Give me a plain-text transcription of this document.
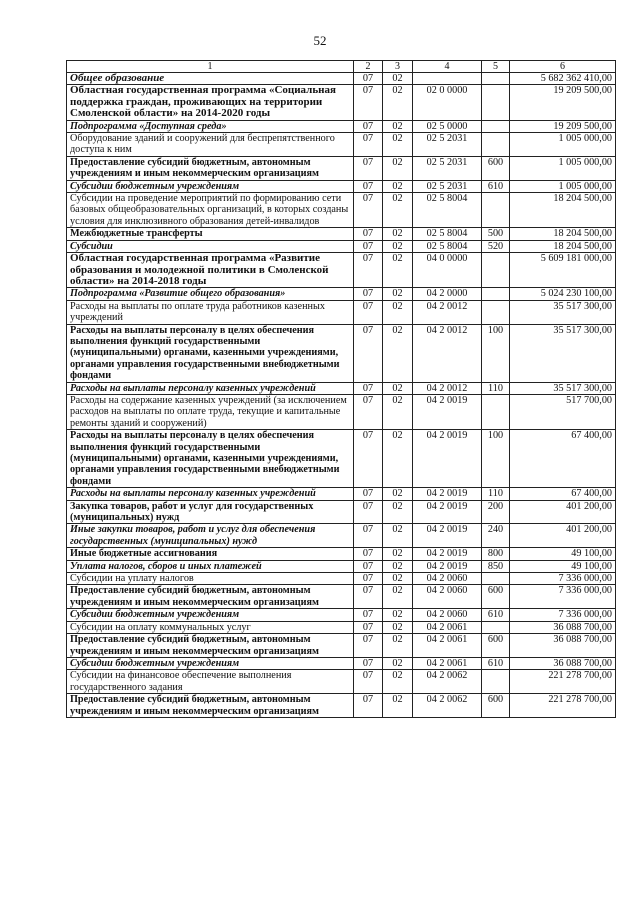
52
1	2	3	4	5	6
Общее образование	07	02			5 682 362 410,00
Областная государственная программа «Социальная поддержка граждан, проживающих на территории Смоленской области» на 2014-2020 годы	07	02	02 0 0000		19 209 500,00
Подпрограмма «Доступная среда»	07	02	02 5 0000		19 209 500,00
Оборудование зданий и сооружений для беспрепятственного доступа к ним	07	02	02 5 2031		1 005 000,00
Предоставление субсидий бюджетным, автономным учреждениям и иным некоммерческим организациям	07	02	02 5 2031	600	1 005 000,00
Субсидии бюджетным учреждениям	07	02	02 5 2031	610	1 005 000,00
Субсидии на проведение мероприятий по формированию сети базовых общеобразовательных организаций, в которых созданы условия для инклюзивного образования детей-инвалидов	07	02	02 5 8004		18 204 500,00
Межбюджетные трансферты	07	02	02 5 8004	500	18 204 500,00
Субсидии	07	02	02 5 8004	520	18 204 500,00
Областная государственная программа «Развитие образования и молодежной политики в Смоленской области» на 2014-2018 годы	07	02	04 0 0000		5 609 181 000,00
Подпрограмма «Развитие общего образования»	07	02	04 2 0000		5 024 230 100,00
Расходы на выплаты по оплате труда работников казенных учреждений	07	02	04 2 0012		35 517 300,00
Расходы на выплаты персоналу в целях обеспечения выполнения функций государственными (муниципальными) органами, казенными учреждениями, органами управления государственными внебюджетными фондами	07	02	04 2 0012	100	35 517 300,00
Расходы на выплаты персоналу казенных учреждений	07	02	04 2 0012	110	35 517 300,00
Расходы на содержание казенных учреждений (за исключением расходов на выплаты по оплате труда, текущие и капитальные ремонты зданий и сооружений)	07	02	04 2 0019		517 700,00
Расходы на выплаты персоналу в целях обеспечения выполнения функций государственными (муниципальными) органами, казенными учреждениями, органами управления государственными внебюджетными фондами	07	02	04 2 0019	100	67 400,00
Расходы на выплаты персоналу казенных учреждений	07	02	04 2 0019	110	67 400,00
Закупка товаров, работ и услуг для государственных (муниципальных) нужд	07	02	04 2 0019	200	401 200,00
Иные закупки товаров, работ и услуг для обеспечения государственных (муниципальных) нужд	07	02	04 2 0019	240	401 200,00
Иные бюджетные ассигнования	07	02	04 2 0019	800	49 100,00
Уплата налогов, сборов и иных платежей	07	02	04 2 0019	850	49 100,00
Субсидии на уплату налогов	07	02	04 2 0060		7 336 000,00
Предоставление субсидий бюджетным, автономным учреждениям и иным некоммерческим организациям	07	02	04 2 0060	600	7 336 000,00
Субсидии бюджетным учреждениям	07	02	04 2 0060	610	7 336 000,00
Субсидии на оплату коммунальных услуг	07	02	04 2 0061		36 088 700,00
Предоставление субсидий бюджетным, автономным учреждениям и иным некоммерческим организациям	07	02	04 2 0061	600	36 088 700,00
Субсидии бюджетным учреждениям	07	02	04 2 0061	610	36 088 700,00
Субсидии на финансовое обеспечение выполнения государственного задания	07	02	04 2 0062		221 278 700,00
Предоставление субсидий бюджетным, автономным учреждениям и иным некоммерческим организациям	07	02	04 2 0062	600	221 278 700,00
